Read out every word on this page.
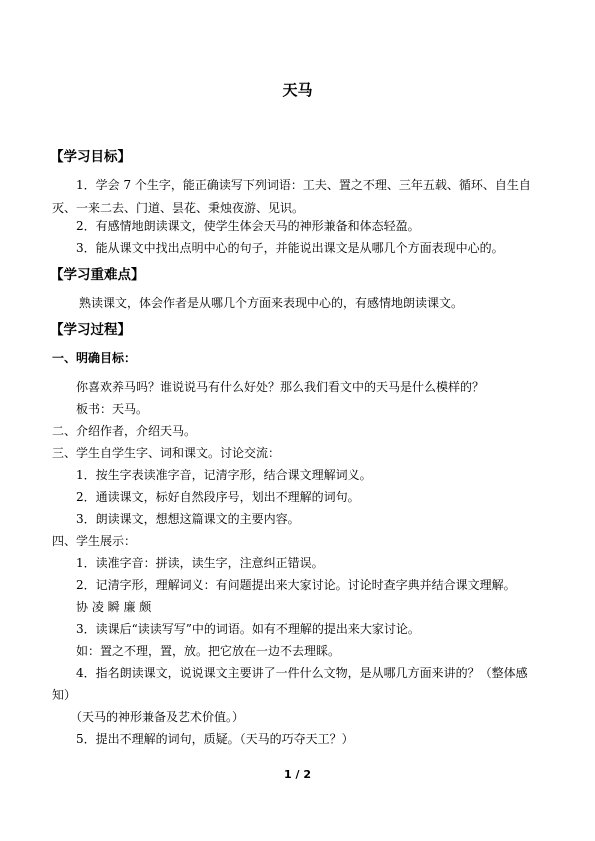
天马
【学习目标】
1．学会 7 个生字，能正确读写下列词语：工夫、置之不理、三年五载、循环、自生自
灭、一来二去、门道、昙花、秉烛夜游、见识。
2．有感情地朗读课文，使学生体会天马的神形兼备和体态轻盈。
3．能从课文中找出点明中心的句子，并能说出课文是从哪几个方面表现中心的。
【学习重难点】
熟读课文，体会作者是从哪几个方面来表现中心的，有感情地朗读课文。
【学习过程】
一、明确目标：
你喜欢养马吗？谁说说马有什么好处？那么我们看文中的天马是什么模样的？
板书：天马。
二、介绍作者，介绍天马。
三、学生自学生字、词和课文。讨论交流：
1．按生字表读准字音，记清字形，结合课文理解词义。
2．通读课文，标好自然段序号，划出不理解的词句。
3．朗读课文，想想这篇课文的主要内容。
四、学生展示：
1．读准字音：拼读，读生字，注意纠正错误。
2．记清字形，理解词义：有问题提出来大家讨论。讨论时查字典并结合课文理解。
协 凌 瞬 廉 颇
3．读课后“读读写写”中的词语。如有不理解的提出来大家讨论。
如：置之不理，置，放。把它放在一边不去理睬。
4．指名朗读课文，说说课文主要讲了一件什么文物，是从哪几方面来讲的？（整体感
知）
（天马的神形兼备及艺术价值。）
5．提出不理解的词句，质疑。（天马的巧夺天工？）
1 / 2
